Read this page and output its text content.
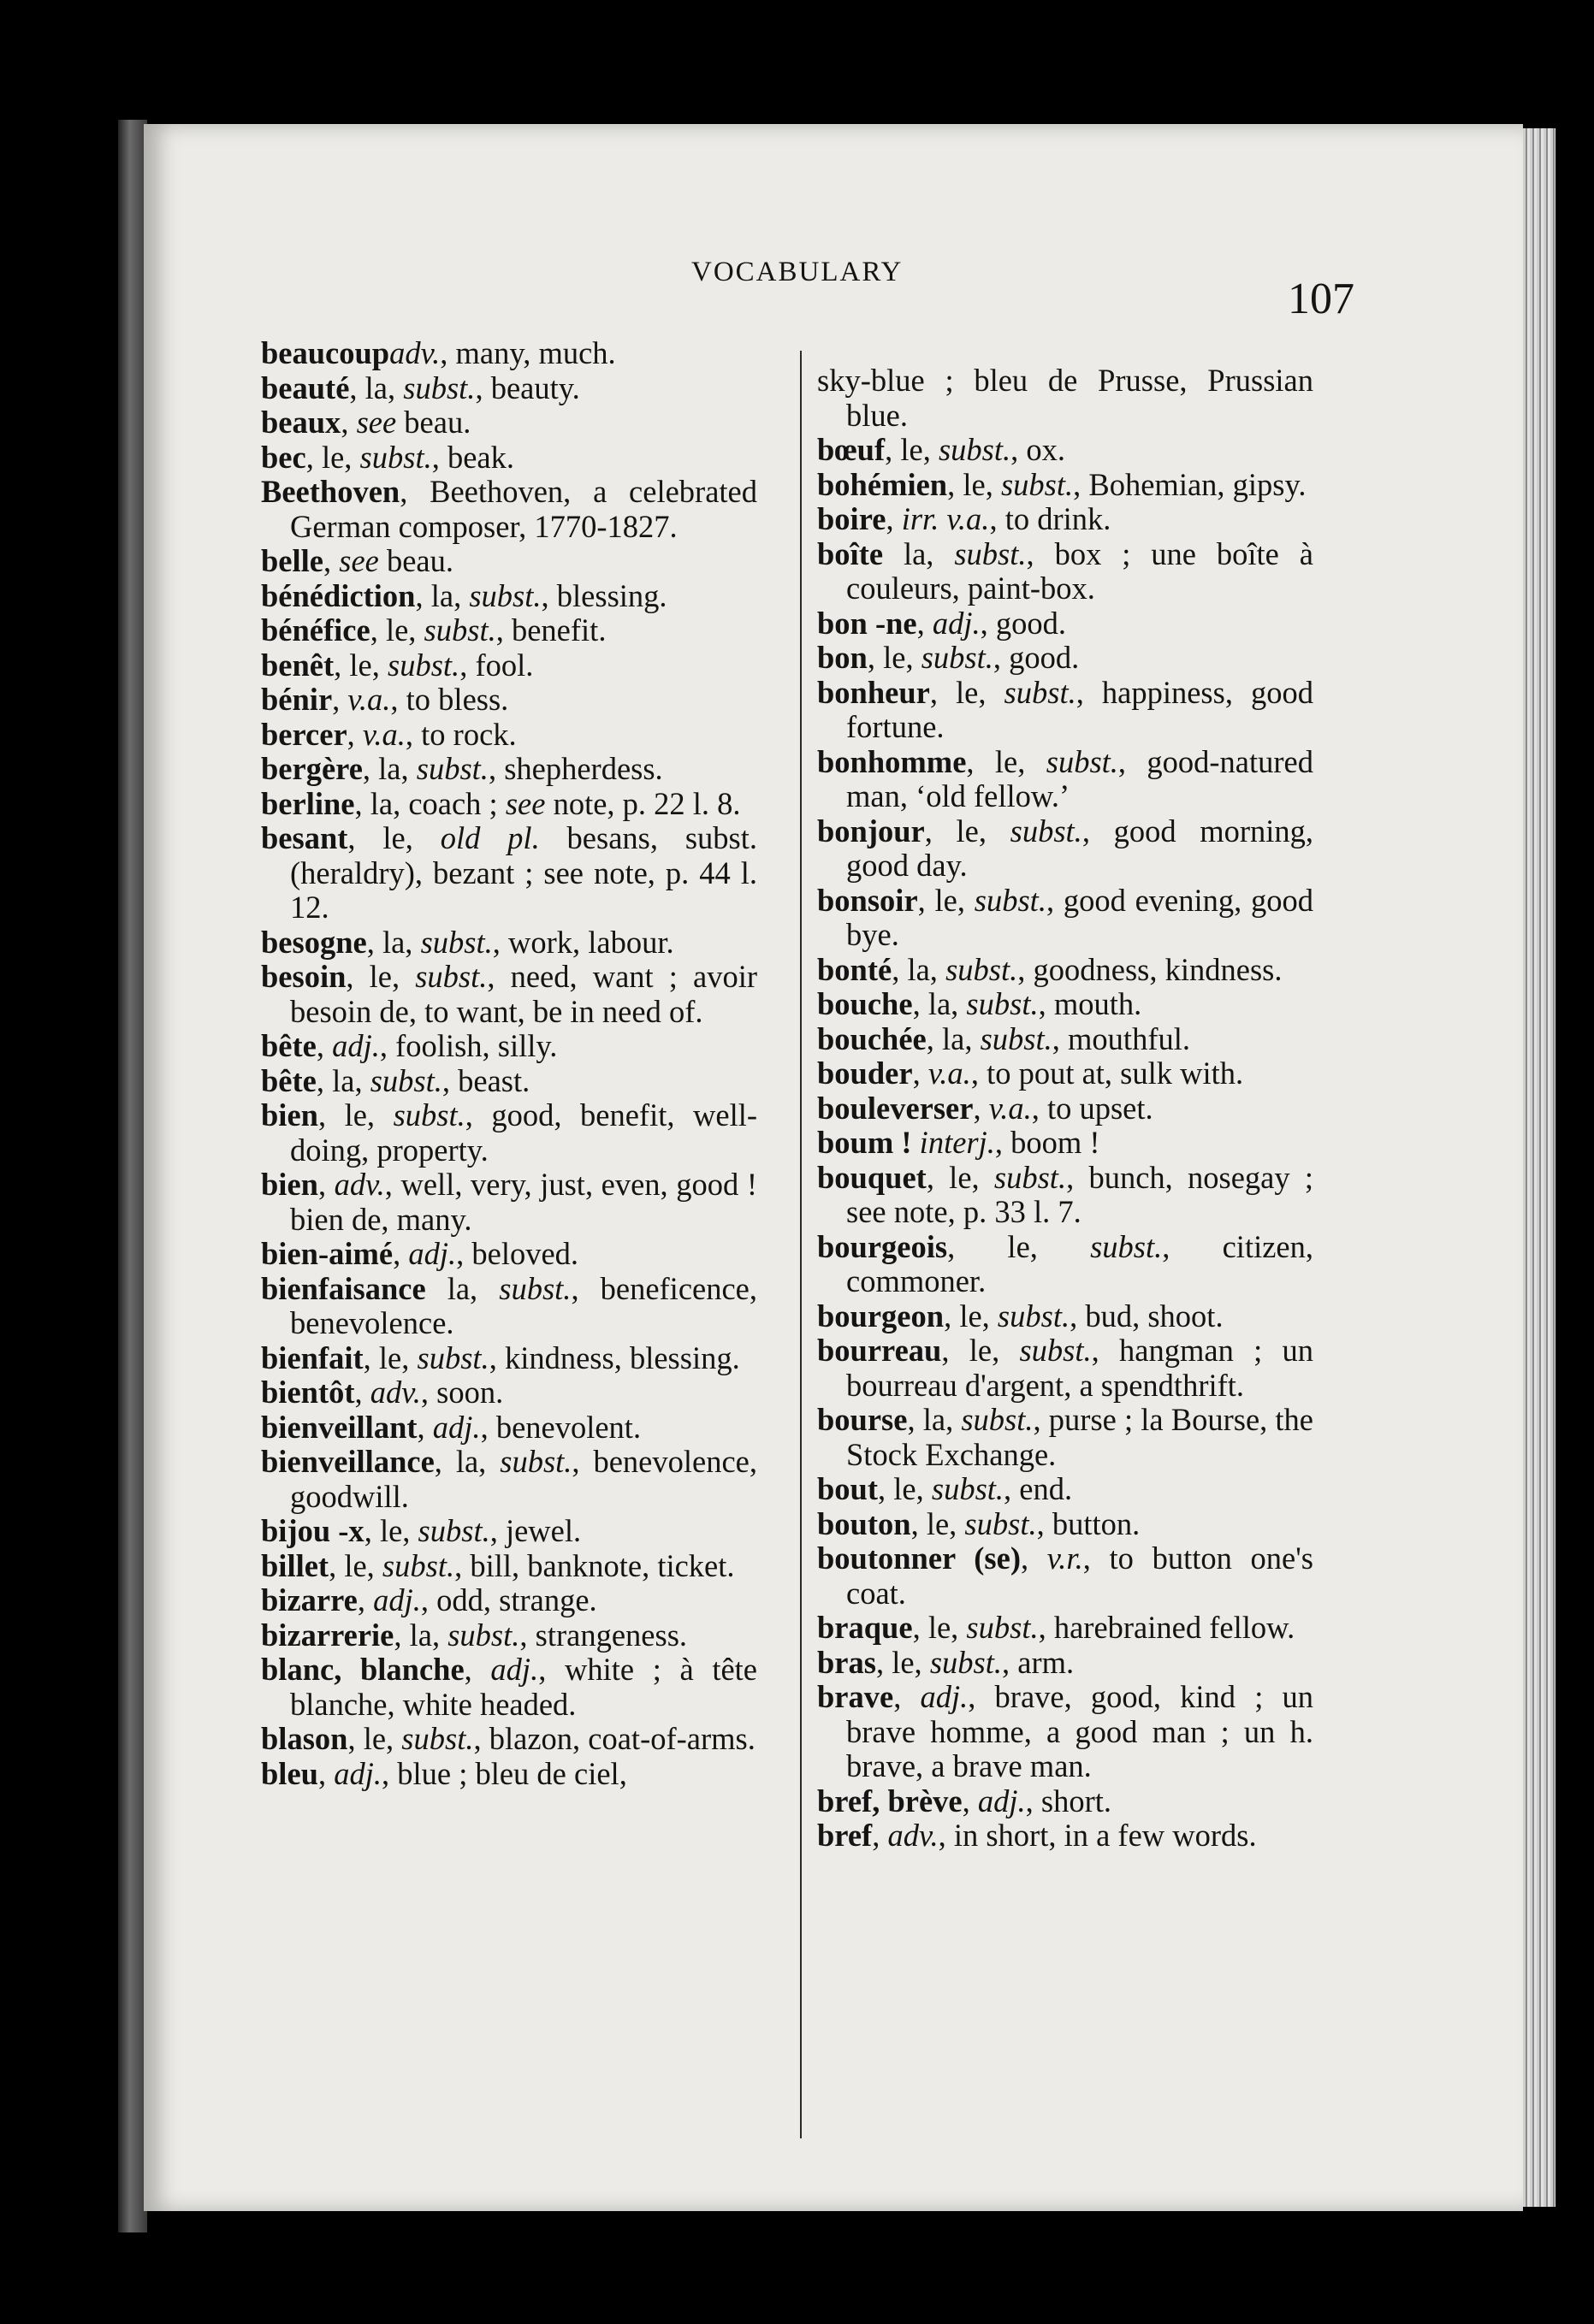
VOCABULARY
107

beaucoupadv., many, much.

beauté, la, subst., beauty.

beaux, see beau.

bec, le, subst., beak.

Beethoven, Beethoven, a celebrated German composer, 1770-1827.

belle, see beau.

bénédiction, la, subst., blessing.

bénéfice, le, subst., benefit.

benêt, le, subst., fool.

bénir, v.a., to bless.

bercer, v.a., to rock.

bergère, la, subst., shepherdess.

berline, la, coach ; see note, p. 22 l. 8.

besant, le, old pl. besans, subst. (heraldry), bezant ; see note, p. 44 l. 12.

besogne, la, subst., work, labour.

besoin, le, subst., need, want ; avoir besoin de, to want, be in need of.

bête, adj., foolish, silly.

bête, la, subst., beast.

bien, le, subst., good, benefit, well-doing, property.

bien, adv., well, very, just, even, good ! bien de, many.

bien-aimé, adj., beloved.

bienfaisance la, subst., beneficence, benevolence.

bienfait, le, subst., kindness, blessing.

bientôt, adv., soon.

bienveillant, adj., benevolent.

bienveillance, la, subst., benevolence, goodwill.

bijou -x, le, subst., jewel.

billet, le, subst., bill, banknote, ticket.

bizarre, adj., odd, strange.

bizarrerie, la, subst., strangeness.

blanc, blanche, adj., white ; à tête blanche, white headed.

blason, le, subst., blazon, coat-of-arms.

bleu, adj., blue ; bleu de ciel,

sky-blue ; bleu de Prusse, Prussian blue.

bœuf, le, subst., ox.

bohémien, le, subst., Bohemian, gipsy.

boire, irr. v.a., to drink.

boîte la, subst., box ; une boîte à couleurs, paint-box.

bon -ne, adj., good.

bon, le, subst., good.

bonheur, le, subst., happiness, good fortune.

bonhomme, le, subst., good-natured man, ‘old fellow.’

bonjour, le, subst., good morning, good day.

bonsoir, le, subst., good evening, good bye.

bonté, la, subst., goodness, kindness.

bouche, la, subst., mouth.

bouchée, la, subst., mouthful.

bouder, v.a., to pout at, sulk with.

bouleverser, v.a., to upset.

boum ! interj., boom !

bouquet, le, subst., bunch, nosegay ; see note, p. 33 l. 7.

bourgeois, le, subst., citizen, commoner.

bourgeon, le, subst., bud, shoot.

bourreau, le, subst., hangman ; un bourreau d'argent, a spendthrift.

bourse, la, subst., purse ; la Bourse, the Stock Exchange.

bout, le, subst., end.

bouton, le, subst., button.

boutonner (se), v.r., to button one's coat.

braque, le, subst., harebrained fellow.

bras, le, subst., arm.

brave, adj., brave, good, kind ; un brave homme, a good man ; un h. brave, a brave man.

bref, brève, adj., short.

bref, adv., in short, in a few words.
